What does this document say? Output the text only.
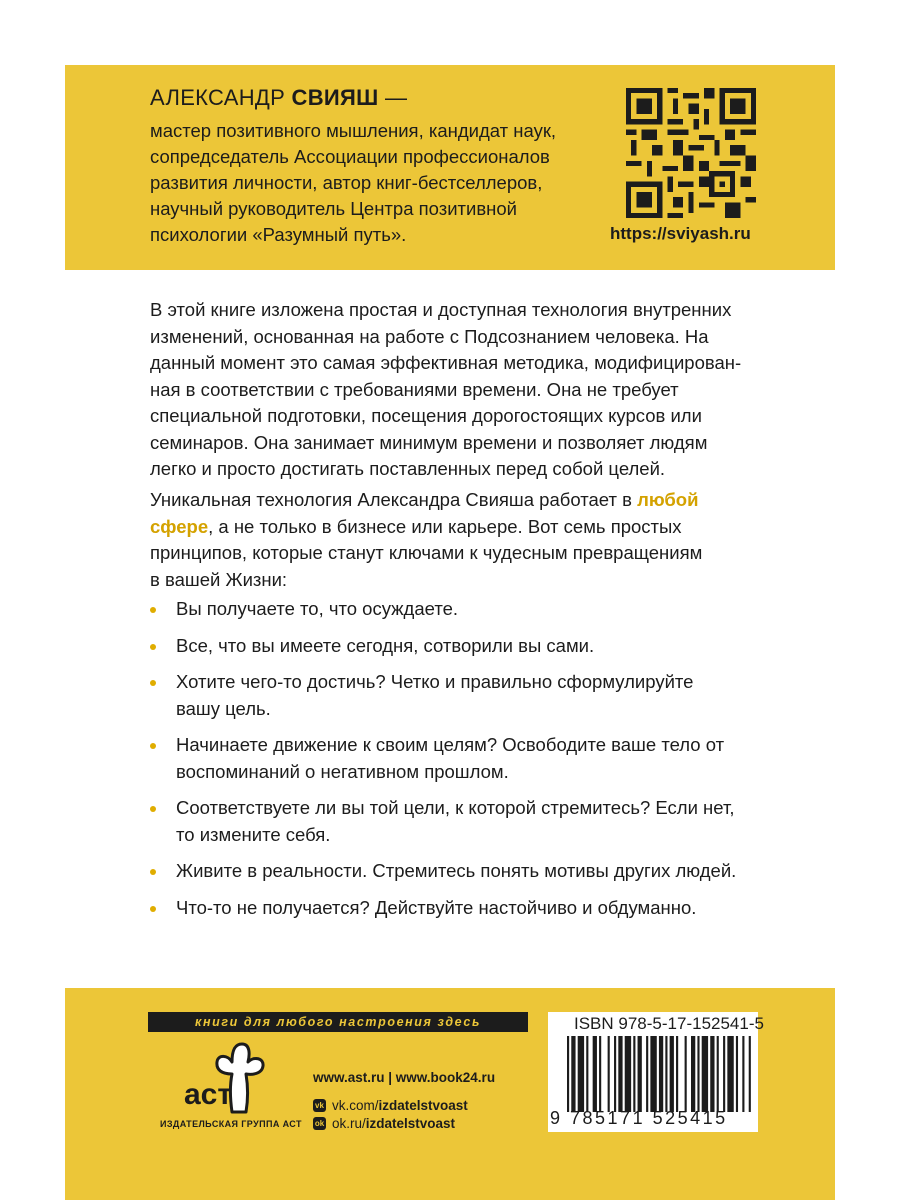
АЛЕКСАНДР СВИЯШ —
мастер позитивного мышления, кандидат наук,
сопредседатель Ассоциации профессионалов
развития личности, автор книг-бестселлеров,
научный руководитель Центра позитивной
психологии «Разумный путь».	https://sviyash.ru
В этой книге изложена простая и доступная технология внутренних
изменений, основанная на работе с Подсознанием человека. На
данный момент это самая эффективная методика, модифицирован-
ная в соответствии с требованиями времени. Она не требует
специальной подготовки, посещения дорогостоящих курсов или
семинаров. Она занимает минимум времени и позволяет людям
легко и просто достигать поставленных перед собой целей.
Уникальная технология Александра Свияша работает в любой
сфере, а не только в бизнесе или карьере. Вот семь простых
принципов, которые станут ключами к чудесным превращениям
в вашей Жизни:
Вы получаете то, что осуждаете.
Все, что вы имеете сегодня, сотворили вы сами.
Хотите чего-то достичь? Четко и правильно сформулируйте
вашу цель.
Начинаете движение к своим целям? Освободите ваше тело от
воспоминаний о негативном прошлом.
Соответствуете ли вы той цели, к которой стремитесь? Если нет,
то измените себя.
Живите в реальности. Стремитесь понять мотивы других людей.
Что-то не получается? Действуйте настойчиво и обдуманно.
книги для любого настроения здесь
аст
ИЗДАТЕЛЬСКАЯ ГРУППА АСТ
www.ast.ru | www.book24.ru
vk vk.com/izdatelstvoast
ok ok.ru/izdatelstvoast
ISBN 978-5-17-152541-5
9 785171 525415
